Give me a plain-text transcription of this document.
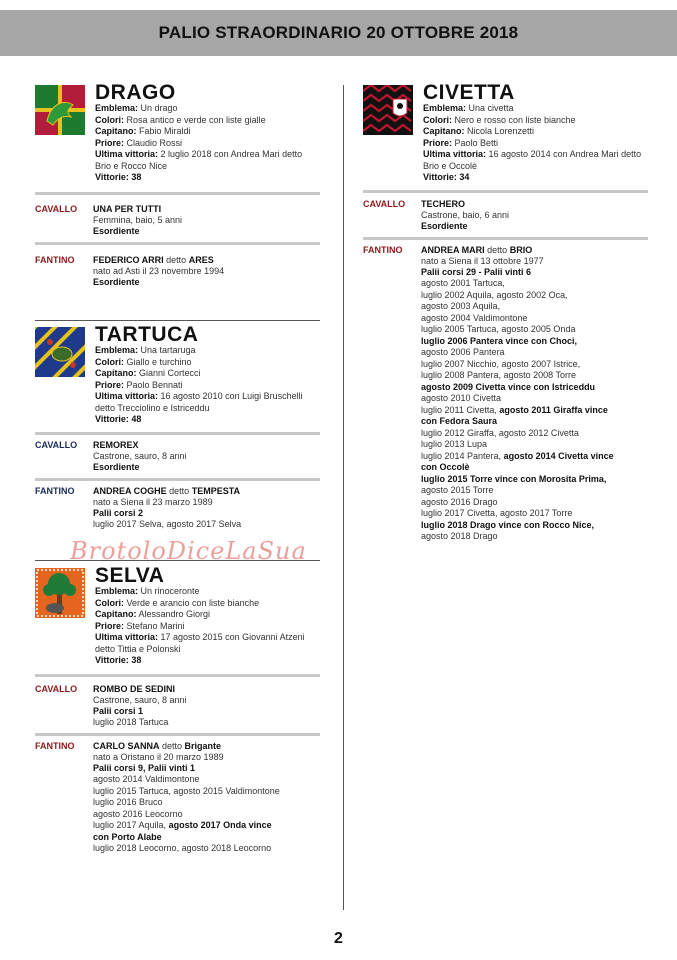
PALIO STRAORDINARIO 20 OTTOBRE 2018
DRAGO
Emblema: Un drago
Colori: Rosa antico e verde con liste gialle
Capitano: Fabio Miraldi
Priore: Claudio Rossi
Ultima vittoria: 2 luglio 2018 con Andrea Mari detto
Brio e Rocco Nice
Vittorie: 38
CAVALLO UNA PER TUTTI
Femmina, baio, 5 anni
Esordiente
FANTINO FEDERICO ARRI detto ARES
nato ad Asti il 23 novembre 1994
Esordiente
TARTUCA
Emblema: Una tartaruga
Colori: Giallo e turchino
Capitano: Gianni Cortecci
Priore: Paolo Bennati
Ultima vittoria: 16 agosto 2010 con Luigi Bruschelli
detto Trecciolino e Istriceddu
Vittorie: 48
CAVALLO REMOREX
Castrone, sauro, 8 anni
Esordiente
FANTINO ANDREA COGHE detto TEMPESTA
nato a Siena il 23 marzo 1989
Palii corsi 2
luglio 2017 Selva, agosto 2017 Selva
SELVA
Emblema: Un rinoceronte
Colori: Verde e arancio con liste bianche
Capitano: Alessandro Giorgi
Priore: Stefano Marini
Ultima vittoria: 17 agosto 2015 con Giovanni Atzeni
detto Tittia e Polonski
Vittorie: 38
CAVALLO ROMBO DE SEDINI
Castrone, sauro, 8 anni
Palii corsi 1
luglio 2018 Tartuca
FANTINO CARLO SANNA detto Brigante
nato a Oristano il 20 marzo 1989
Palii corsi 9, Palii vinti 1
agosto 2014 Valdimontone
luglio 2015 Tartuca, agosto 2015 Valdimontone
luglio 2016 Bruco
agosto 2016 Leocorno
luglio 2017 Aquila, agosto 2017 Onda vince
con Porto Alabe
luglio 2018 Leocorno, agosto 2018 Leocorno
CIVETTA
Emblema: Una civetta
Colori: Nero e rosso con liste bianche
Capitano: Nicola Lorenzetti
Priore: Paolo Betti
Ultima vittoria: 16 agosto 2014 con Andrea Mari detto
Brio e Occolè
Vittorie: 34
CAVALLO TECHERO
Castrone, baio, 6 anni
Esordiente
FANTINO ANDREA MARI detto BRIO
nato a Siena il 13 ottobre 1977
Palii corsi 29 - Palii vinti 6
agosto 2001 Tartuca,
luglio 2002 Aquila, agosto 2002 Oca,
agosto 2003 Aquila,
agosto 2004 Valdimontone
luglio 2005 Tartuca, agosto 2005 Onda
luglio 2006 Pantera vince con Choci,
agosto 2006 Pantera
luglio 2007 Nicchio, agosto 2007 Istrice,
luglio 2008 Pantera, agosto 2008 Torre
agosto 2009 Civetta vince con Istriceddu
agosto 2010 Civetta
luglio 2011 Civetta, agosto 2011 Giraffa vince
con Fedora Saura
luglio 2012 Giraffa, agosto 2012 Civetta
luglio 2013 Lupa
luglio 2014 Pantera, agosto 2014 Civetta vince
con Occolè
luglio 2015 Torre vince con Morosita Prima,
agosto 2015 Torre
agosto 2016 Drago
luglio 2017 Civetta, agosto 2017 Torre
luglio 2018 Drago vince con Rocco Nice,
agosto 2018 Drago
BrotoloDiceLaSua
2
